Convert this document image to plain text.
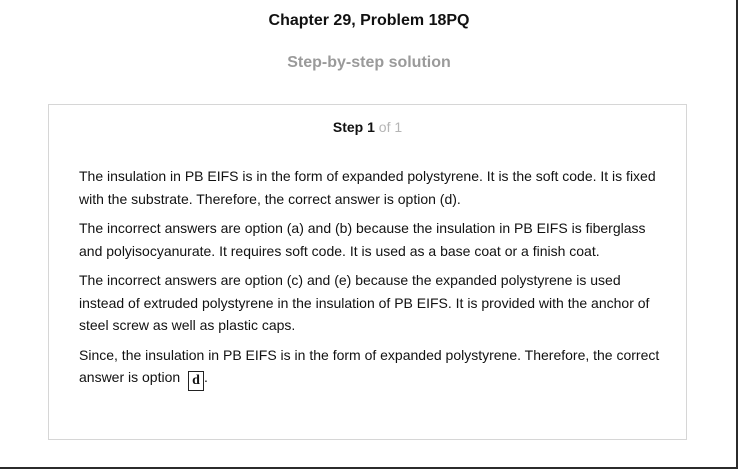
Chapter 29, Problem 18PQ
Step-by-step solution
Step 1 of 1

The insulation in PB EIFS is in the form of expanded polystyrene. It is the soft code. It is fixed with the substrate. Therefore, the correct answer is option (d).

The incorrect answers are option (a) and (b) because the insulation in PB EIFS is fiberglass and polyisocyanurate. It requires soft code. It is used as a base coat or a finish coat.

The incorrect answers are option (c) and (e) because the expanded polystyrene is used instead of extruded polystyrene in the insulation of PB EIFS. It is provided with the anchor of steel screw as well as plastic caps.

Since, the insulation in PB EIFS is in the form of expanded polystyrene. Therefore, the correct answer is option d .
